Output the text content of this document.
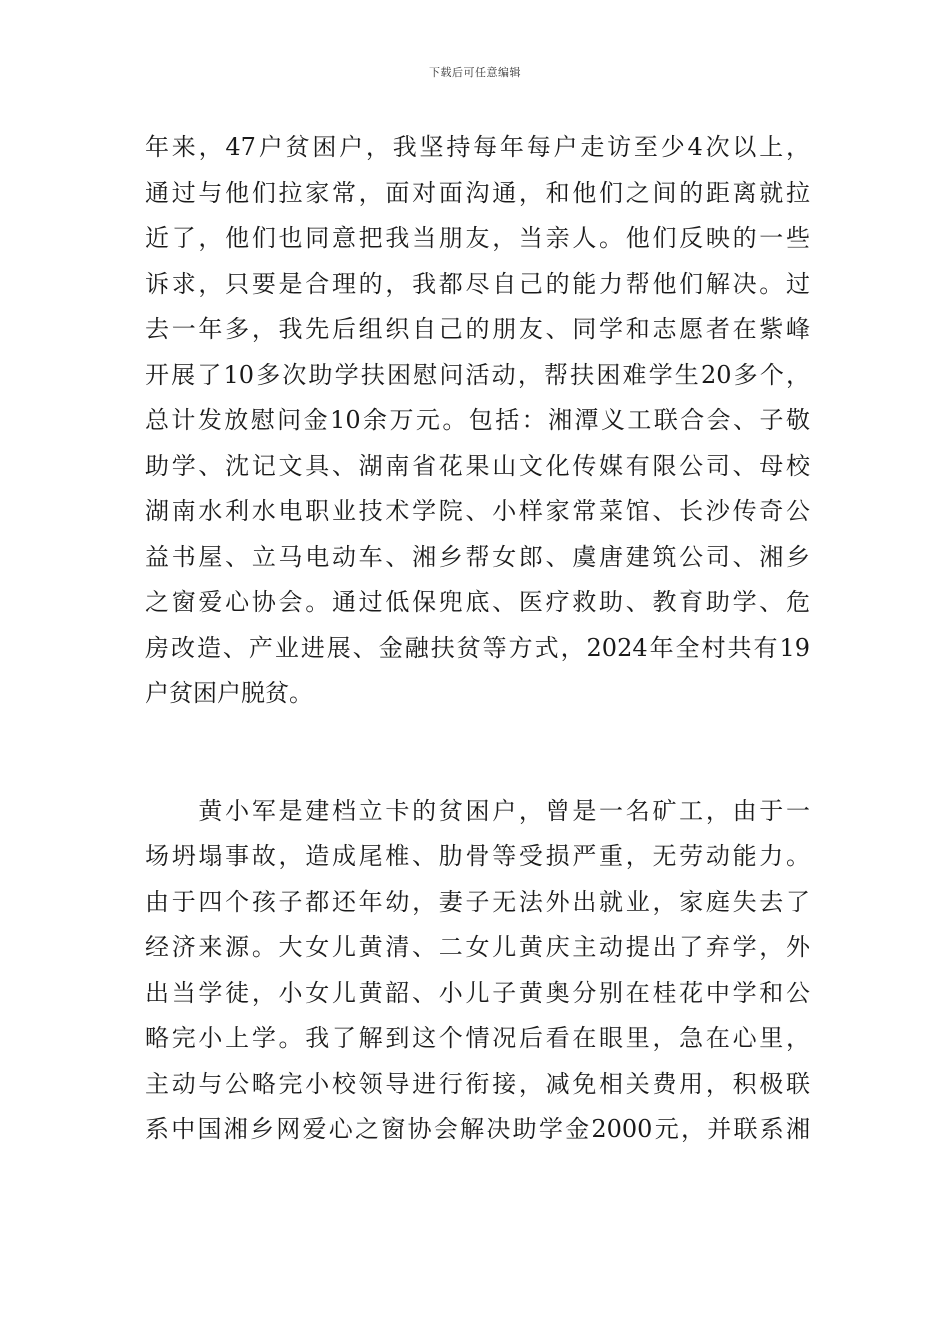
下载后可任意编辑
年来，47户贫困户，我坚持每年每户走访至少4次以上，
通过与他们拉家常，面对面沟通，和他们之间的距离就拉
近了，他们也同意把我当朋友，当亲人。他们反映的一些
诉求，只要是合理的，我都尽自己的能力帮他们解决。过
去一年多，我先后组织自己的朋友、同学和志愿者在紫峰
开展了10多次助学扶困慰问活动，帮扶困难学生20多个，
总计发放慰问金10余万元。包括：湘潭义工联合会、子敬
助学、沈记文具、湖南省花果山文化传媒有限公司、母校
湖南水利水电职业技术学院、小样家常菜馆、长沙传奇公
益书屋、立马电动车、湘乡帮女郎、虞唐建筑公司、湘乡
之窗爱心协会。通过低保兜底、医疗救助、教育助学、危
房改造、产业进展、金融扶贫等方式，2024年全村共有19
户贫困户脱贫。
　　黄小军是建档立卡的贫困户，曾是一名矿工，由于一
场坍塌事故，造成尾椎、肋骨等受损严重，无劳动能力。
由于四个孩子都还年幼，妻子无法外出就业，家庭失去了
经济来源。大女儿黄清、二女儿黄庆主动提出了弃学，外
出当学徒，小女儿黄韶、小儿子黄奥分别在桂花中学和公
略完小上学。我了解到这个情况后看在眼里，急在心里，
主动与公略完小校领导进行衔接，减免相关费用，积极联
系中国湘乡网爱心之窗协会解决助学金2000元，并联系湘
